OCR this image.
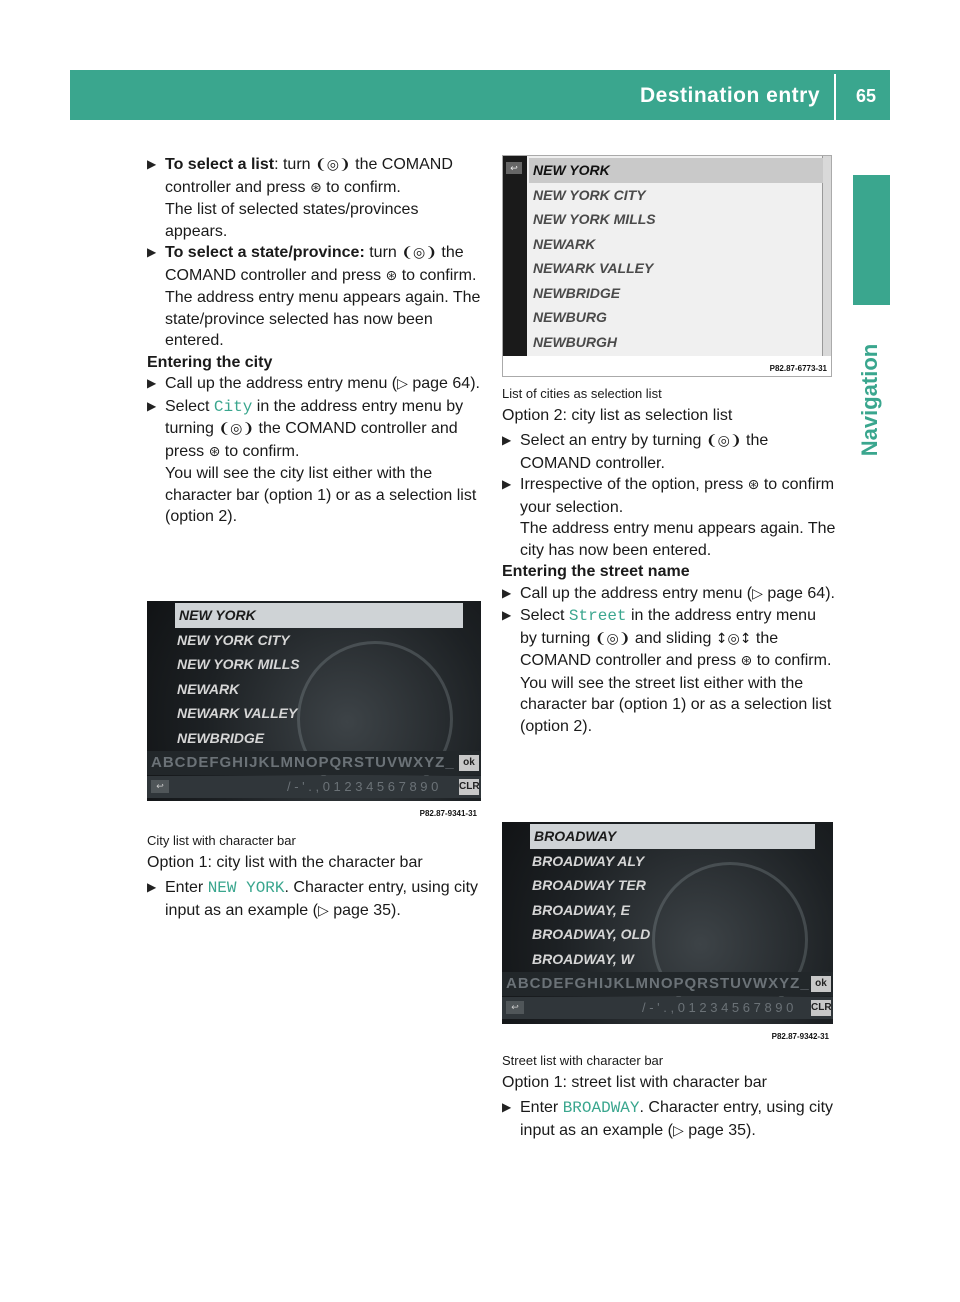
Destination entry 65
Navigation

▶ To select a list: turn ❨◎❩ the COMAND controller and press ⊛ to confirm.
The list of selected states/provinces appears.

▶ To select a state/province: turn ❨◎❩ the COMAND controller and press ⊛ to confirm.
The address entry menu appears again. The state/province selected has now been entered.

Entering the city

▶ Call up the address entry menu (▷ page 64).

▶ Select City in the address entry menu by turning ❨◎❩ the COMAND controller and press ⊛ to confirm.
You will see the city list either with the character bar (option 1) or as a selection list (option 2).

NEW YORK
NEW YORK CITY
NEW YORK MILLS
NEWARK
NEWARK VALLEY
NEWBRIDGE
ABCDEFGHIJKLMNOPQRSTUVWXYZ_ ok
/ - ' . , 0 1 2 3 4 5 6 7 8 9 0
↩	CLR
P82.87-9341-31

City list with character bar

Option 1: city list with the character bar

▶ Enter NEW YORK. Character entry, using city input as an example (▷ page 35).

↩	NEW YORK
NEW YORK CITY
NEW YORK MILLS
NEWARK
NEWARK VALLEY
NEWBRIDGE
NEWBURG
NEWBURGH
P82.87-6773-31

List of cities as selection list

Option 2: city list as selection list

▶ Select an entry by turning ❨◎❩ the COMAND controller.

▶ Irrespective of the option, press ⊛ to confirm your selection.
The address entry menu appears again. The city has now been entered.

Entering the street name

▶ Call up the address entry menu (▷ page 64).

▶ Select Street in the address entry menu by turning ❨◎❩ and sliding ↕◎↕ the COMAND controller and press ⊛ to confirm.
You will see the street list either with the character bar (option 1) or as a selection list (option 2).

BROADWAY
BROADWAY ALY
BROADWAY TER
BROADWAY, E
BROADWAY, OLD
BROADWAY, W
ABCDEFGHIJKLMNOPQRSTUVWXYZ_ ok
/ - ' . , 0 1 2 3 4 5 6 7 8 9 0
↩	CLR
P82.87-9342-31

Street list with character bar

Option 1: street list with character bar

▶ Enter BROADWAY. Character entry, using city input as an example (▷ page 35).
